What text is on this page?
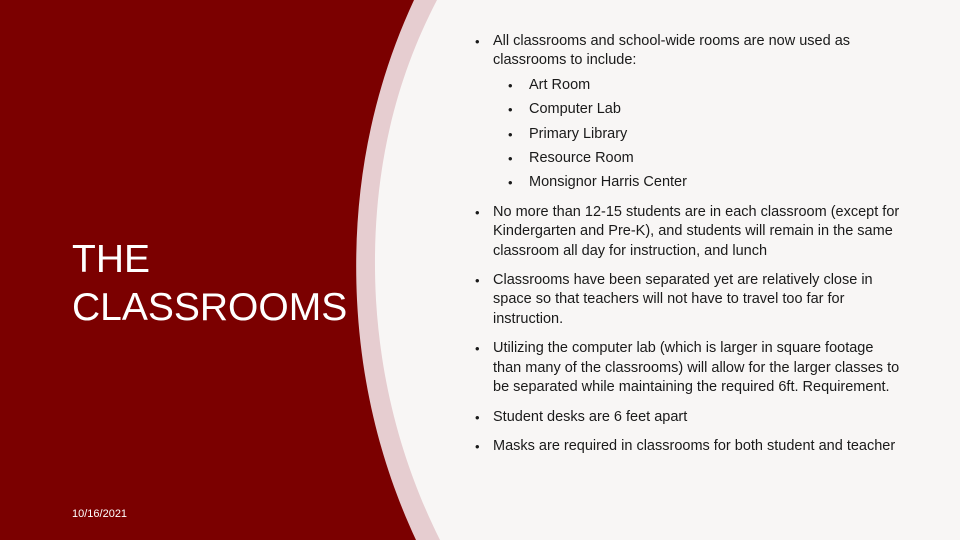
THE
CLASSROOMS
10/16/2021
• All classrooms and school-wide rooms are now used as classrooms to include:
• Art Room
• Computer Lab
• Primary Library
• Resource Room
• Monsignor Harris Center
• No more than 12-15 students are in each classroom (except for Kindergarten and Pre-K), and students will remain in the same classroom all day for instruction, and lunch
• Classrooms have been separated yet are relatively close in space so that teachers will not have to travel too far for instruction.
• Utilizing the computer lab (which is larger in square footage than many of the classrooms) will allow for the larger classes to be separated while maintaining the required 6ft. Requirement.
• Student desks are 6 feet apart
• Masks are required in classrooms for both student and teacher
